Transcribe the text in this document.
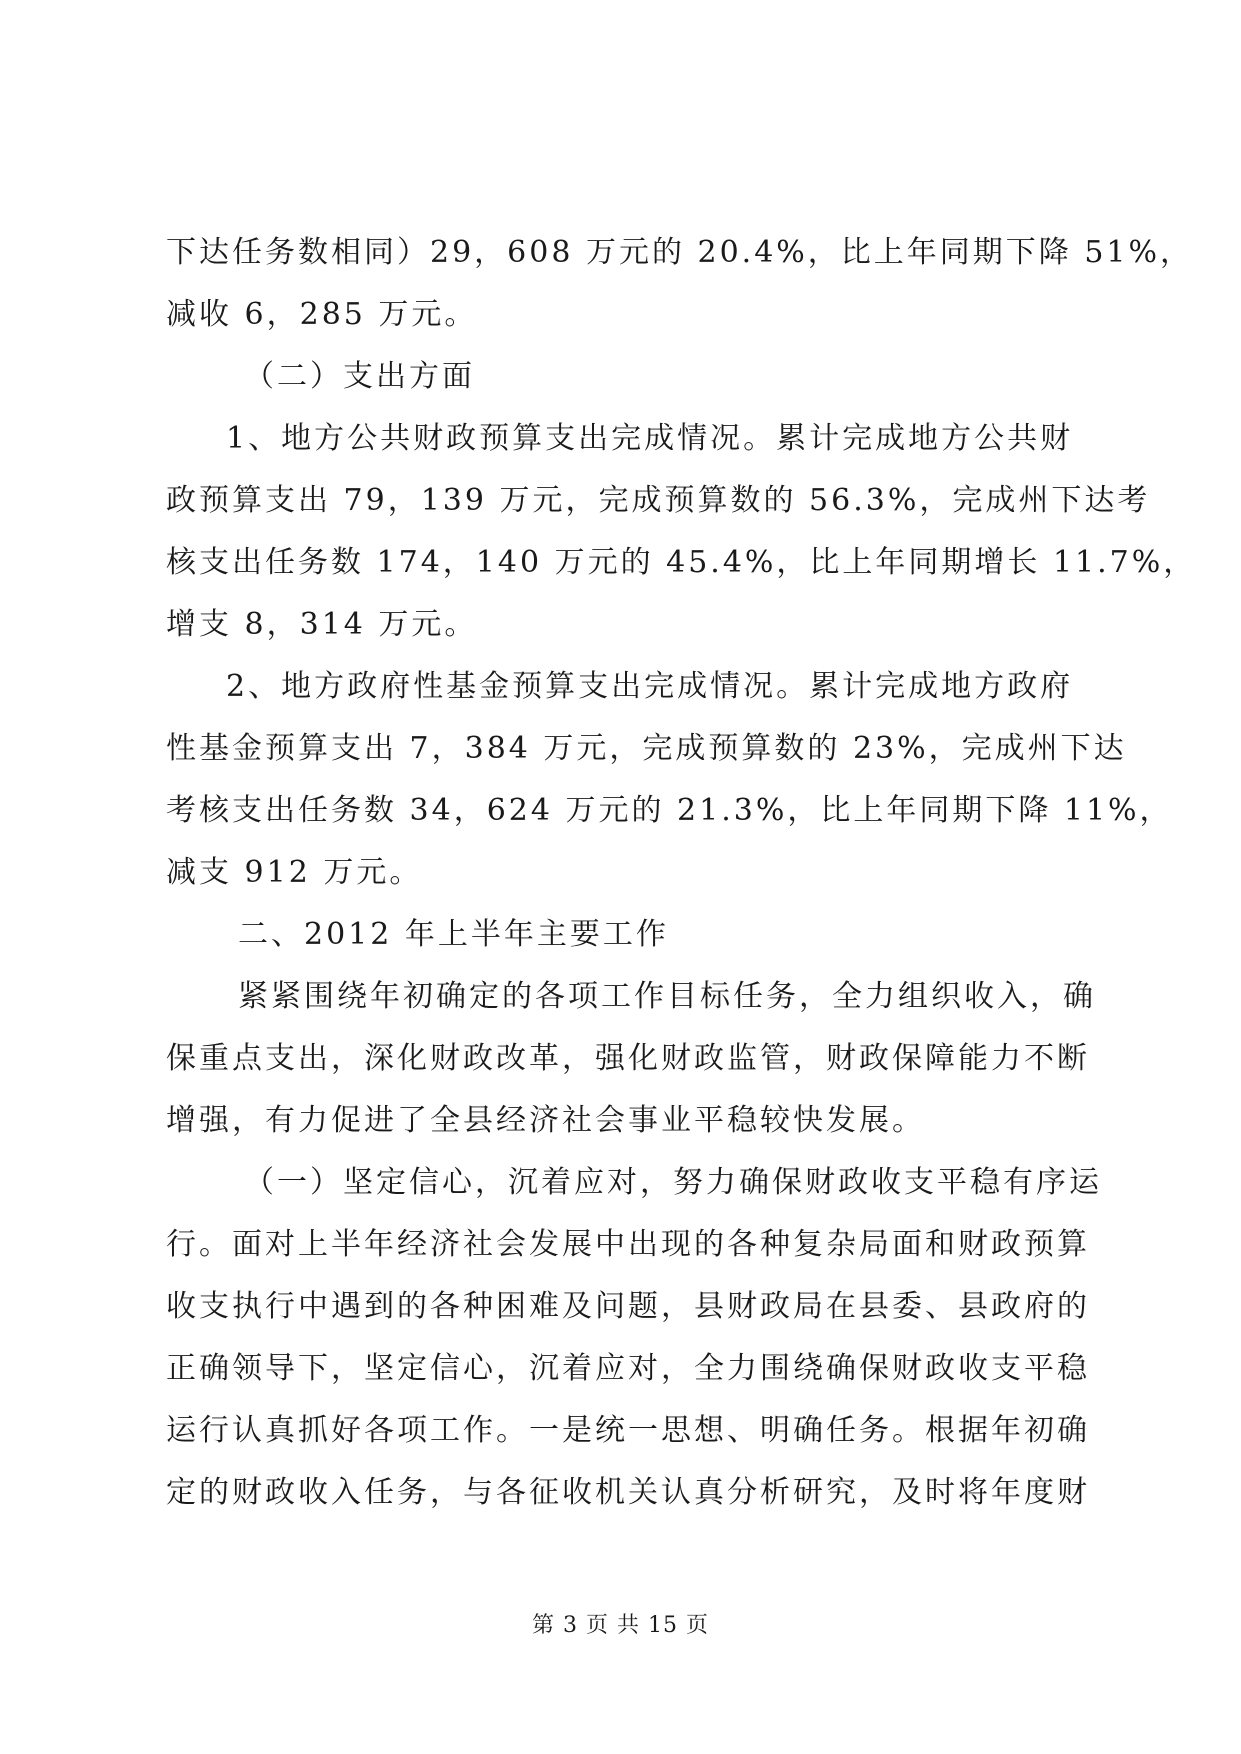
下达任务数相同）29，608 万元的 20.4%，比上年同期下降 51%，
减收 6，285 万元。
（二）支出方面
1、地方公共财政预算支出完成情况。累计完成地方公共财
政预算支出 79，139 万元，完成预算数的 56.3%，完成州下达考
核支出任务数 174，140 万元的 45.4%，比上年同期增长 11.7%，
增支 8，314 万元。
2、地方政府性基金预算支出完成情况。累计完成地方政府
性基金预算支出 7，384 万元，完成预算数的 23%，完成州下达
考核支出任务数 34，624 万元的 21.3%，比上年同期下降 11%，
减支 912 万元。
二、2012 年上半年主要工作
紧紧围绕年初确定的各项工作目标任务，全力组织收入，确
保重点支出，深化财政改革，强化财政监管，财政保障能力不断
增强，有力促进了全县经济社会事业平稳较快发展。
（一）坚定信心，沉着应对，努力确保财政收支平稳有序运
行。面对上半年经济社会发展中出现的各种复杂局面和财政预算
收支执行中遇到的各种困难及问题，县财政局在县委、县政府的
正确领导下，坚定信心，沉着应对，全力围绕确保财政收支平稳
运行认真抓好各项工作。一是统一思想、明确任务。根据年初确
定的财政收入任务，与各征收机关认真分析研究，及时将年度财
第 3 页 共 15 页
